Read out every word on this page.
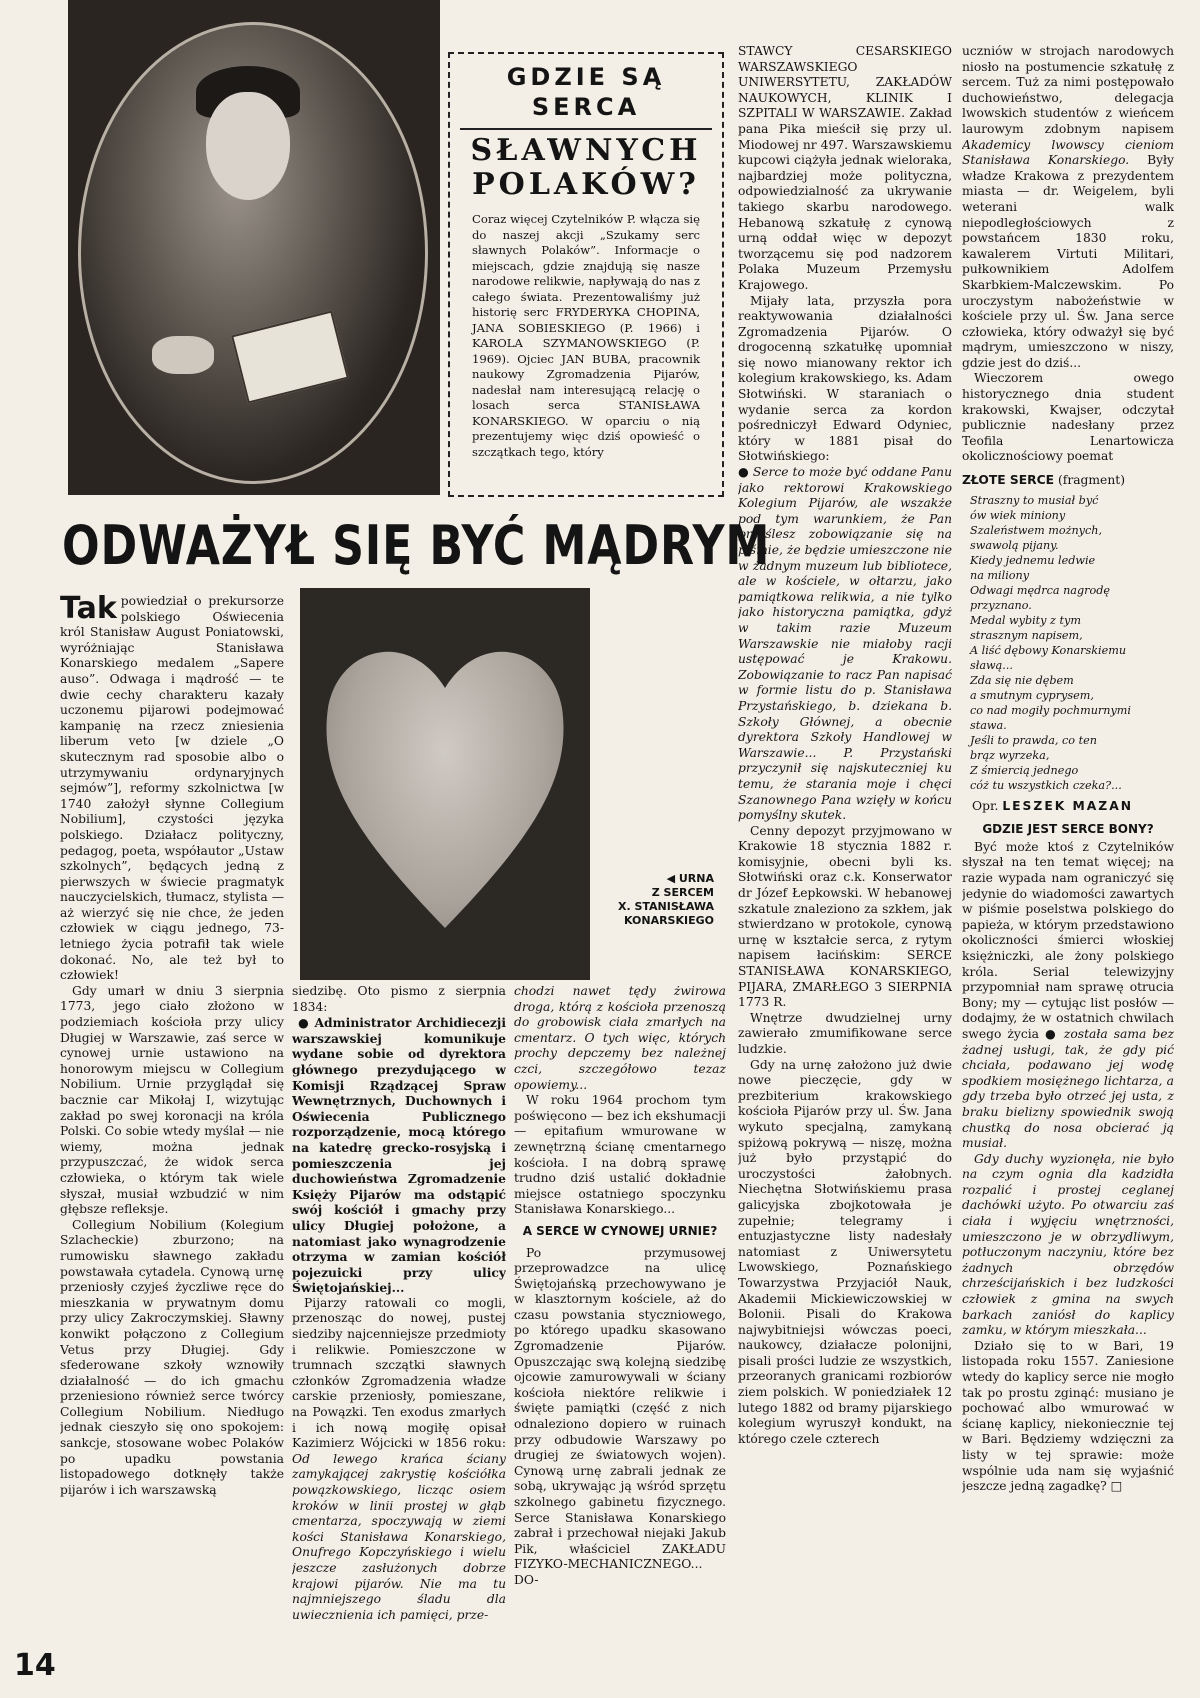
GDZIE SĄ SERCA
SŁAWNYCH
POLAKÓW?

Coraz więcej Czytelników P. włącza się do naszej akcji „Szukamy serc sławnych Polaków”. Informacje o miejscach, gdzie znajdują się nasze narodowe relikwie, napływają do nas z całego świata. Prezentowaliśmy już historię serc FRYDERYKA CHOPINA, JANA SOBIESKIEGO (P. 1966) i KAROLA SZYMANOWSKIEGO (P. 1969). Ojciec JAN BUBA, pracownik naukowy Zgromadzenia Pijarów, nadesłał nam interesującą relację o losach serca STANISŁAWA KONARSKIEGO. W oparciu o nią prezentujemy więc dziś opowieść o szczątkach tego, który

ODWAŻYŁ SIĘ BYĆ MĄDRYM

Tak powiedział o prekursorze polskiego Oświecenia król Stanisław August Poniatowski, wyróżniając Stanisława Konarskiego medalem „Sapere auso”. Odwaga i mądrość — te dwie cechy charakteru kazały uczonemu pijarowi podejmować kampanię na rzecz zniesienia liberum veto [w dziele „O skutecznym rad sposobie albo o utrzymywaniu ordynaryjnych sejmów”], reformy szkolnictwa [w 1740 założył słynne Collegium Nobilium], czystości języka polskiego. Działacz polityczny, pedagog, poeta, współautor „Ustaw szkolnych”, będących jedną z pierwszych w świecie pragmatyk nauczycielskich, tłumacz, stylista — aż wierzyć się nie chce, że jeden człowiek w ciągu jednego, 73-letniego życia potrafił tak wiele dokonać. No, ale też był to człowiek!

Gdy umarł w dniu 3 sierpnia 1773, jego ciało złożono w podziemiach kościoła przy ulicy Długiej w Warszawie, zaś serce w cynowej urnie ustawiono na honorowym miejscu w Collegium Nobilium. Urnie przyglądał się bacznie car Mikołaj I, wizytując zakład po swej koronacji na króla Polski. Co sobie wtedy myślał — nie wiemy, można jednak przypuszczać, że widok serca człowieka, o którym tak wiele słyszał, musiał wzbudzić w nim głębsze refleksje.

Collegium Nobilium (Kolegium Szlacheckie) zburzono; na rumowisku sławnego zakładu powstawała cytadela. Cynową urnę przeniosły czyjeś życzliwe ręce do mieszkania w prywatnym domu przy ulicy Zakroczymskiej. Sławny konwikt połączono z Collegium Vetus przy Długiej. Gdy sfederowane szkoły wznowiły działalność — do ich gmachu przeniesiono również serce twórcy Collegium Nobilium. Niedługo jednak cieszyło się ono spokojem: sankcje, stosowane wobec Polaków po upadku powstania listopadowego dotknęły także pijarów i ich warszawską

◀ URNA
Z SERCEM
X. STANISŁAWA
KONARSKIEGO

siedzibę. Oto pismo z sierpnia 1834:

● Administrator Archidiecezji warszawskiej komunikuje wydane sobie od dyrektora głównego prezydującego w Komisji Rządzącej Spraw Wewnętrznych, Duchownych i Oświecenia Publicznego rozporządzenie, mocą którego na katedrę grecko-rosyjską i pomieszczenia jej duchowieństwa Zgromadzenie Księży Pijarów ma odstąpić swój kościół i gmachy przy ulicy Długiej położone, a natomiast jako wynagrodzenie otrzyma w zamian kościół pojezuicki przy ulicy Świętojańskiej...

Pijarzy ratowali co mogli, przenosząc do nowej, pustej siedziby najcenniejsze przedmioty i relikwie. Pomieszczone w trumnach szczątki sławnych członków Zgromadzenia władze carskie przeniosły, pomieszane, na Powązki. Ten exodus zmarłych i ich nową mogiłę opisał Kazimierz Wójcicki w 1856 roku: Od lewego krańca ściany zamykającej zakrystię kościółka powązkowskiego, licząc osiem kroków w linii prostej w głąb cmentarza, spoczywają w ziemi kości Stanisława Konarskiego, Onufrego Kopczyńskiego i wielu jeszcze zasłużonych dobrze krajowi pijarów. Nie ma tu najmniejszego śladu dla uwiecznienia ich pamięci, prze-

chodzi nawet tędy żwirowa droga, którą z kościoła przenoszą do grobowisk ciała zmarłych na cmentarz. O tych więc, których prochy depczemy bez należnej czci, szczegółowo tezaz opowiemy...

W roku 1964 prochom tym poświęcono — bez ich ekshumacji — epitafium wmurowane w zewnętrzną ścianę cmentarnego kościoła. I na dobrą sprawę trudno dziś ustalić dokładnie miejsce ostatniego spoczynku Stanisława Konarskiego...

A SERCE W CYNOWEJ URNIE?

Po przymusowej przeprowadzce na ulicę Świętojańską przechowywano je w klasztornym kościele, aż do czasu powstania styczniowego, po którego upadku skasowano Zgromadzenie Pijarów. Opuszczając swą kolejną siedzibę ojcowie zamurowywali w ściany kościoła niektóre relikwie i święte pamiątki (część z nich odnaleziono dopiero w ruinach przy odbudowie Warszawy po drugiej ze światowych wojen). Cynową urnę zabrali jednak ze sobą, ukrywając ją wśród sprzętu szkolnego gabinetu fizycznego. Serce Stanisława Konarskiego zabrał i przechował niejaki Jakub Pik, właściciel ZAKŁADU FIZYKO-MECHANICZNEGO... DO-

STAWCY CESARSKIEGO WARSZAWSKIEGO UNIWERSYTETU, ZAKŁADÓW NAUKOWYCH, KLINIK I SZPITALI W WARSZAWIE. Zakład pana Pika mieścił się przy ul. Miodowej nr 497. Warszawskiemu kupcowi ciążyła jednak wieloraka, najbardziej może polityczna, odpowiedzialność za ukrywanie takiego skarbu narodowego. Hebanową szkatułę z cynową urną oddał więc w depozyt tworzącemu się pod nadzorem Polaka Muzeum Przemysłu Krajowego.

Mijały lata, przyszła pora reaktywowania działalności Zgromadzenia Pijarów. O drogocenną szkatułkę upomniał się nowo mianowany rektor ich kolegium krakowskiego, ks. Adam Słotwiński. W staraniach o wydanie serca za kordon pośredniczył Edward Odyniec, który w 1881 pisał do Słotwińskiego:

● Serce to może być oddane Panu jako rektorowi Krakowskiego Kolegium Pijarów, ale wszakże pod tym warunkiem, że Pan przyślesz zobowiązanie się na piśmie, że będzie umieszczone nie w żadnym muzeum lub bibliotece, ale w kościele, w ołtarzu, jako pamiątkowa relikwia, a nie tylko jako historyczna pamiątka, gdyż w takim razie Muzeum Warszawskie nie miałoby racji ustępować je Krakowu. Zobowiązanie to racz Pan napisać w formie listu do p. Stanisława Przystańskiego, b. dziekana b. Szkoły Głównej, a obecnie dyrektora Szkoły Handlowej w Warszawie... P. Przystański przyczynił się najskuteczniej ku temu, że starania moje i chęci Szanownego Pana wzięły w końcu pomyślny skutek.

Cenny depozyt przyjmowano w Krakowie 18 stycznia 1882 r. komisyjnie, obecni byli ks. Słotwiński oraz c.k. Konserwator dr Józef Łepkowski. W hebanowej szkatule znaleziono za szkłem, jak stwierdzano w protokole, cynową urnę w kształcie serca, z rytym napisem łacińskim: SERCE STANISŁAWA KONARSKIEGO, PIJARA, ZMARŁEGO 3 SIERPNIA 1773 R.

Wnętrze dwudzielnej urny zawierało zmumifikowane serce ludzkie.

Gdy na urnę założono już dwie nowe pieczęcie, gdy w prezbiterium krakowskiego kościoła Pijarów przy ul. Św. Jana wykuto specjalną, zamykaną spiżową pokrywą — niszę, można już było przystąpić do uroczystości żałobnych. Niechętna Słotwińskiemu prasa galicyjska zbojkotowała je zupełnie; telegramy i entuzjastyczne listy nadesłały natomiast z Uniwersytetu Lwowskiego, Poznańskiego Towarzystwa Przyjaciół Nauk, Akademii Mickiewiczowskiej w Bolonii. Pisali do Krakowa najwybitniejsi wówczas poeci, naukowcy, działacze polonijni, pisali prości ludzie ze wszystkich, przeoranych granicami rozbiorów ziem polskich. W poniedziałek 12 lutego 1882 od bramy pijarskiego kolegium wyruszył kondukt, na którego czele czterech

uczniów w strojach narodowych niosło na postumencie szkatułę z sercem. Tuż za nimi postępowało duchowieństwo, delegacja lwowskich studentów z wieńcem laurowym zdobnym napisem Akademicy lwowscy cieniom Stanisława Konarskiego. Były władze Krakowa z prezydentem miasta — dr. Weigelem, byli weterani walk niepodległościowych z powstańcem 1830 roku, kawalerem Virtuti Militari, pułkownikiem Adolfem Skarbkiem-Malczewskim. Po uroczystym nabożeństwie w kościele przy ul. Św. Jana serce człowieka, który odważył się być mądrym, umieszczono w niszy, gdzie jest do dziś...

Wieczorem owego historycznego dnia student krakowski, Kwajser, odczytał publicznie nadesłany przez Teofila Lenartowicza okolicznościowy poemat

ZŁOTE SERCE (fragment)

Straszny to musiał być
ów wiek miniony
Szaleństwem możnych,
swawolą pijany.
Kiedy jednemu ledwie
na miliony
Odwagi mędrca nagrodę
przyznano.
Medal wybity z tym
strasznym napisem,
A liść dębowy Konarskiemu
sławą...
Zda się nie dębem
a smutnym cyprysem,
co nad mogiły pochmurnymi
stawa.
Jeśli to prawda, co ten
brąz wyrzeka,
Z śmiercią jednego
cóż tu wszystkich czeka?...

Opr. LESZEK MAZAN

GDZIE JEST SERCE BONY?

Być może ktoś z Czytelników słyszał na ten temat więcej; na razie wypada nam ograniczyć się jedynie do wiadomości zawartych w piśmie poselstwa polskiego do papieża, w którym przedstawiono okoliczności śmierci włoskiej księżniczki, ale żony polskiego króla. Serial telewizyjny przypomniał nam sprawę otrucia Bony; my — cytując list posłów — dodajmy, że w ostatnich chwilach swego życia ● została sama bez żadnej usługi, tak, że gdy pić chciała, podawano jej wodę spodkiem mosiężnego lichtarza, a gdy trzeba było otrzeć jej usta, z braku bielizny spowiednik swoją chustką do nosa obcierać ją musiał.

Gdy duchy wyzionęła, nie było na czym ognia dla kadzidła rozpalić i prostej ceglanej dachówki użyto. Po otwarciu zaś ciała i wyjęciu wnętrzności, umieszczono je w obrzydliwym, potłuczonym naczyniu, które bez żadnych obrzędów chrześcijańskich i bez ludzkości człowiek z gmina na swych barkach zaniósł do kaplicy zamku, w którym mieszkała...

Działo się to w Bari, 19 listopada roku 1557. Zaniesione wtedy do kaplicy serce nie mogło tak po prostu zginąć: musiano je pochować albo wmurować w ścianę kaplicy, niekoniecznie tej w Bari. Będziemy wdzięczni za listy w tej sprawie: może wspólnie uda nam się wyjaśnić jeszcze jedną zagadkę? □

14
